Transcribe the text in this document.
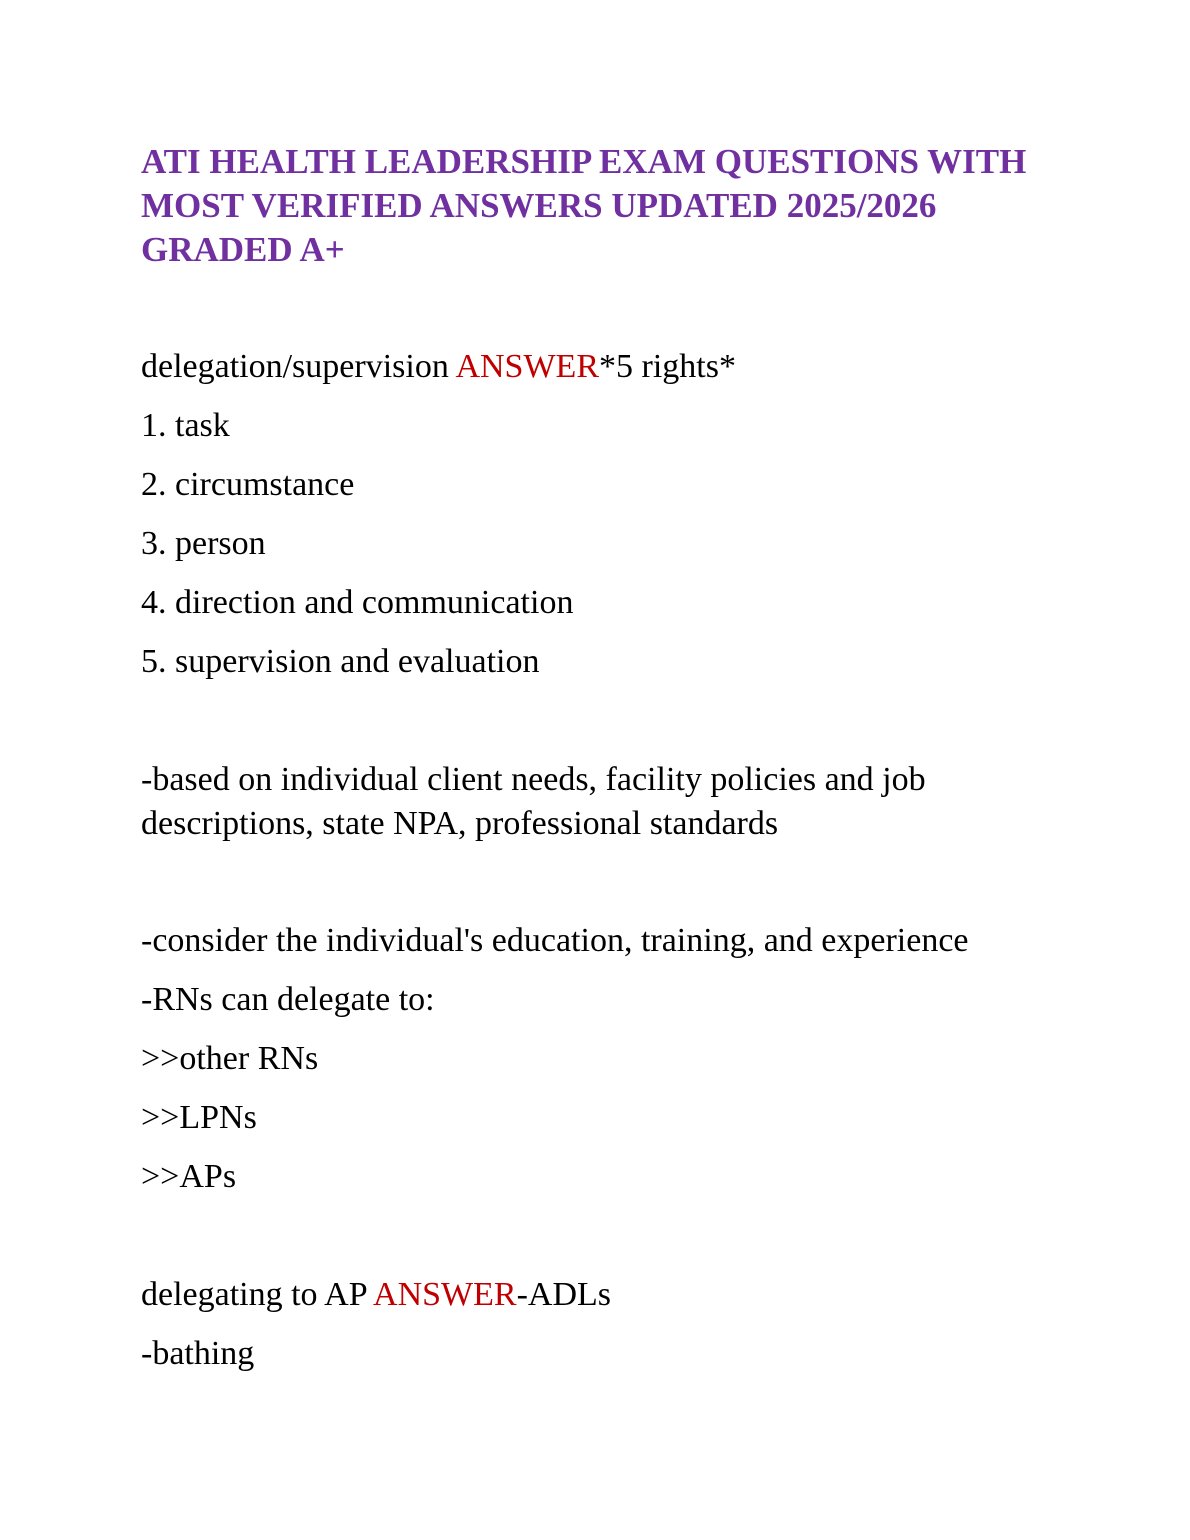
ATI HEALTH LEADERSHIP EXAM QUESTIONS WITH
MOST VERIFIED ANSWERS UPDATED 2025/2026
GRADED A+

delegation/supervision ANSWER*5 rights*

1. task

2. circumstance

3. person

4. direction and communication

5. supervision and evaluation

-based on individual client needs, facility policies and job

descriptions, state NPA, professional standards

-consider the individual's education, training, and experience

-RNs can delegate to:

>>other RNs

>>LPNs

>>APs

delegating to AP ANSWER-ADLs

-bathing
